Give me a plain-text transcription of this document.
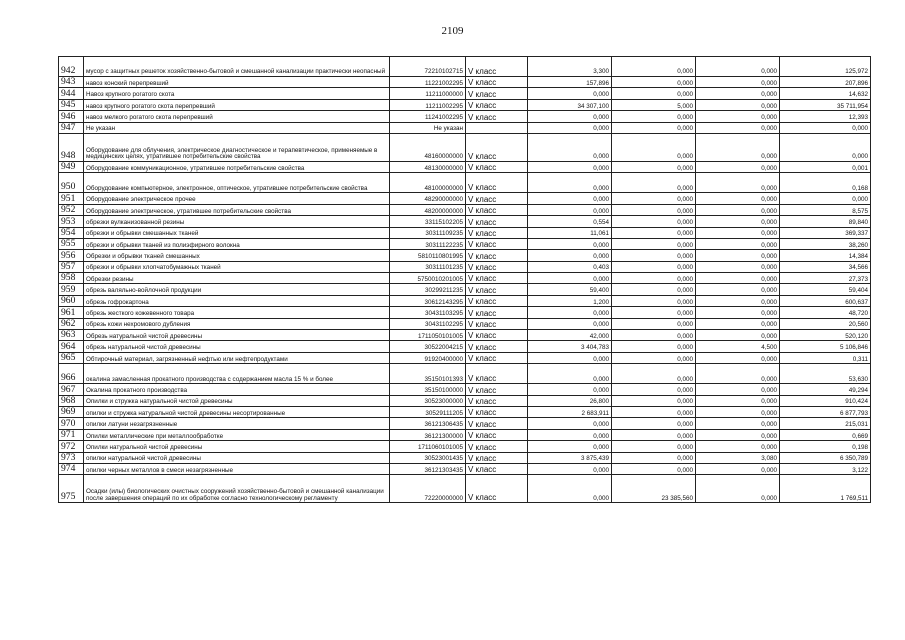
2109
942	мусор с защитных решеток хозяйственно-бытовой и смешанной канализации практически неопасный	72210102715	V класс	3,300	0,000	0,000	125,972
943	навоз конский перепревший	11221002295	V класс	157,896	0,000	0,000	207,896
944	Навоз крупного рогатого скота	11211000000	V класс	0,000	0,000	0,000	14,632
945	навоз крупного рогатого скота перепревший	11211002295	V класс	34 307,100	5,000	0,000	35 711,954
946	навоз мелкого рогатого скота перепревший	11241002295	V класс	0,000	0,000	0,000	12,393
947	Не указан	Не указан		0,000	0,000	0,000	0,000
948	Оборудование для облучения, электрическое диагностическое и терапевтическое, применяемые в медицинских целях, утратившее потребительские свойства	48160000000	V класс	0,000	0,000	0,000	0,000
949	Оборудование коммуникационное, утратившее потребительские свойства	48130000000	V класс	0,000	0,000	0,000	0,001
950	Оборудование компьютерное, электронное, оптическое, утратившее потребительские свойства	48100000000	V класс	0,000	0,000	0,000	0,168
951	Оборудование электрическое прочее	48290000000	V класс	0,000	0,000	0,000	0,000
952	Оборудование электрическое, утратившее потребительские свойства	48200000000	V класс	0,000	0,000	0,000	8,575
953	обрезки вулканизованной резины	33115102205	V класс	0,554	0,000	0,000	89,840
954	обрезки и обрывки смешанных тканей	30311109235	V класс	11,061	0,000	0,000	369,337
955	обрезки и обрывки тканей из полиэфирного волокна	30311122235	V класс	0,000	0,000	0,000	38,260
956	Обрезки и обрывки тканей смешанных	5810110801995	V класс	0,000	0,000	0,000	14,384
957	обрезки и обрывки хлопчатобумажных тканей	30311101235	V класс	0,403	0,000	0,000	34,566
958	Обрезки резины	5750010201005	V класс	0,000	0,000	0,000	27,373
959	обрезь валяльно-войлочной продукции	30299211235	V класс	59,400	0,000	0,000	59,404
960	обрезь гофрокартона	30612143295	V класс	1,200	0,000	0,000	600,637
961	обрезь жесткого кожевенного товара	30431103295	V класс	0,000	0,000	0,000	48,720
962	обрезь кожи нехромового дубления	30431102295	V класс	0,000	0,000	0,000	20,560
963	Обрезь натуральной чистой древесины	1711050101005	V класс	42,000	0,000	0,000	520,120
964	обрезь натуральной чистой древесины	30522004215	V класс	3 404,783	0,000	4,500	5 106,846
965	Обтирочный материал, загрязненный нефтью или нефтепродуктами	91920400000	V класс	0,000	0,000	0,000	0,311
966	окалина замасленная прокатного производства с содержанием масла 15 % и более	35150101393	V класс	0,000	0,000	0,000	53,630
967	Окалина прокатного производства	35150100000	V класс	0,000	0,000	0,000	49,294
968	Опилки и стружка натуральной чистой древесины	30523000000	V класс	26,800	0,000	0,000	910,424
969	опилки и стружка натуральной чистой древесины несортированные	30529111205	V класс	2 683,911	0,000	0,000	6 877,793
970	опилки латуни незагрязненные	36121306435	V класс	0,000	0,000	0,000	215,031
971	Опилки металлические при металлообработке	36121300000	V класс	0,000	0,000	0,000	0,669
972	Опилки натуральной чистой древесины	1711060101005	V класс	0,000	0,000	0,000	0,198
973	опилки натуральной чистой древесины	30523001435	V класс	3 875,439	0,000	3,080	6 350,789
974	опилки черных металлов в смеси незагрязненные	36121303435	V класс	0,000	0,000	0,000	3,122
975	Осадки (илы) биологических очистных сооружений хозяйственно-бытовой и смешанной канализации после завершения операций по их обработке согласно технологическому регламенту	72220000000	V класс	0,000	23 385,560	0,000	1 769,511
